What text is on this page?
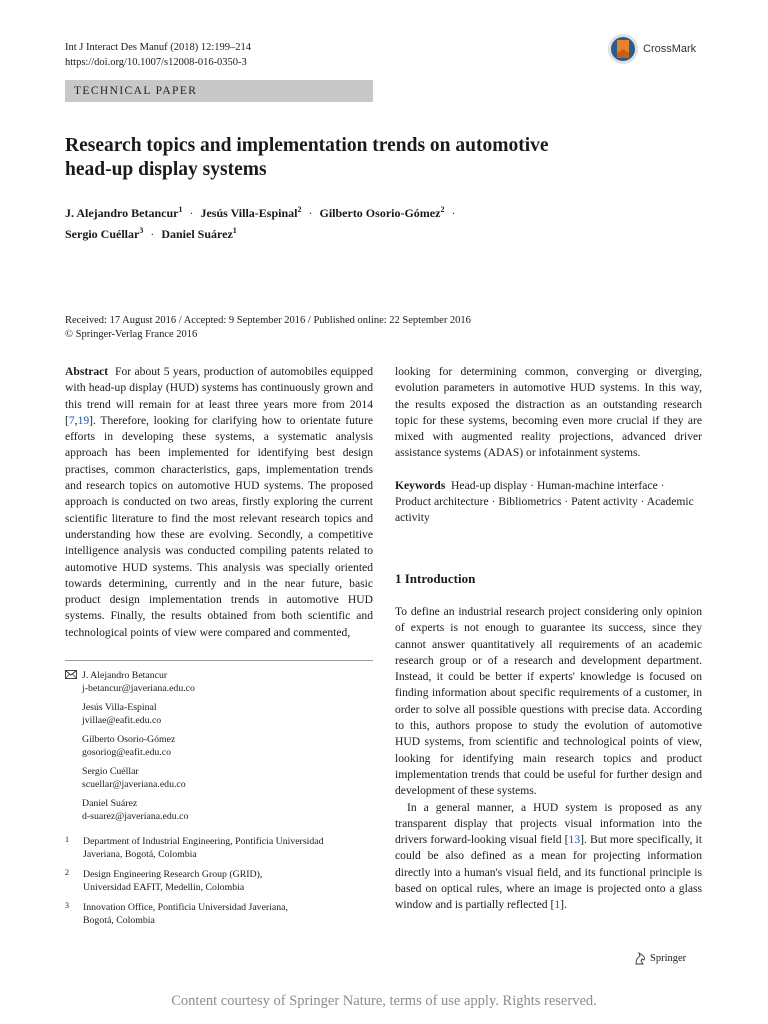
Int J Interact Des Manuf (2018) 12:199–214
https://doi.org/10.1007/s12008-016-0350-3
CrossMark
TECHNICAL PAPER
Research topics and implementation trends on automotive
head-up display systems
J. Alejandro Betancur$^1$ · Jesús Villa-Espinal$^2$ · Gilberto Osorio-Gómez$^2$ ·
Sergio Cuéllar$^3$ · Daniel Suárez$^1$
Received: 17 August 2016 / Accepted: 9 September 2016 / Published online: 22 September 2016
© Springer-Verlag France 2016
Abstract For about 5 years, production of automobiles equipped with head-up display (HUD) systems has continuously grown and this trend will remain for at least three years more from 2014 [7,19]. Therefore, looking for clarifying how to orientate future efforts in developing these systems, a systematic analysis approach has been implemented for identifying best design practises, common characteristics, gaps, implementation trends and research topics on automotive HUD systems. The proposed approach is conducted on two areas, firstly exploring the current scientific literature to find the most relevant research topics and understanding how these are evolving. Secondly, a competitive intelligence analysis was conducted compiling patents related to automotive HUD systems. This analysis was specially oriented towards determining, currently and in the near future, basic product design implementation trends in automotive HUD systems. Finally, the results obtained from both scientific and technological points of view were compared and commented,
J. Alejandro Betancur
j-betancur@javeriana.edu.co
Jesús Villa-Espinal
jvillae@eafit.edu.co
Gilberto Osorio-Gómez
gosoriog@eafit.edu.co
Sergio Cuéllar
scuellar@javeriana.edu.co
Daniel Suárez
d-suarez@javeriana.edu.co
1	Department of Industrial Engineering, Pontificia Universidad
Javeriana, Bogotá, Colombia
2	Design Engineering Research Group (GRID),
Universidad EAFIT, Medellín, Colombia
3	Innovation Office, Pontificia Universidad Javeriana,
Bogotá, Colombia
looking for determining common, converging or diverging, evolution parameters in automotive HUD systems. In this way, the results exposed the distraction as an outstanding research topic for these systems, becoming even more crucial if they are mixed with augmented reality projections, advanced driver assistance systems (ADAS) or infotainment systems.
Keywords Head-up display · Human-machine interface · Product architecture · Bibliometrics · Patent activity · Academic activity
1 Introduction
To define an industrial research project considering only opinion of experts is not enough to guarantee its success, since they cannot answer quantitatively all requirements of an academic research group or of a research and development department. Instead, it could be better if experts' knowledge is focused on finding information about specific requirements of a customer, in order to solve all possible questions with precise data. According to this, authors propose to study the evolution of automotive HUD systems, from scientific and technological points of view, looking for identifying main research topics and product implementation trends that could be useful for further design and development of these systems.
In a general manner, a HUD system is proposed as any transparent display that projects visual information into the drivers forward-looking visual field [13]. But more specifically, it could be also defined as a mean for projecting information directly into a human's visual field, and its functional principle is based on optical rules, where an image is projected onto a glass window and is partially reflected [1].
Springer
Content courtesy of Springer Nature, terms of use apply. Rights reserved.
